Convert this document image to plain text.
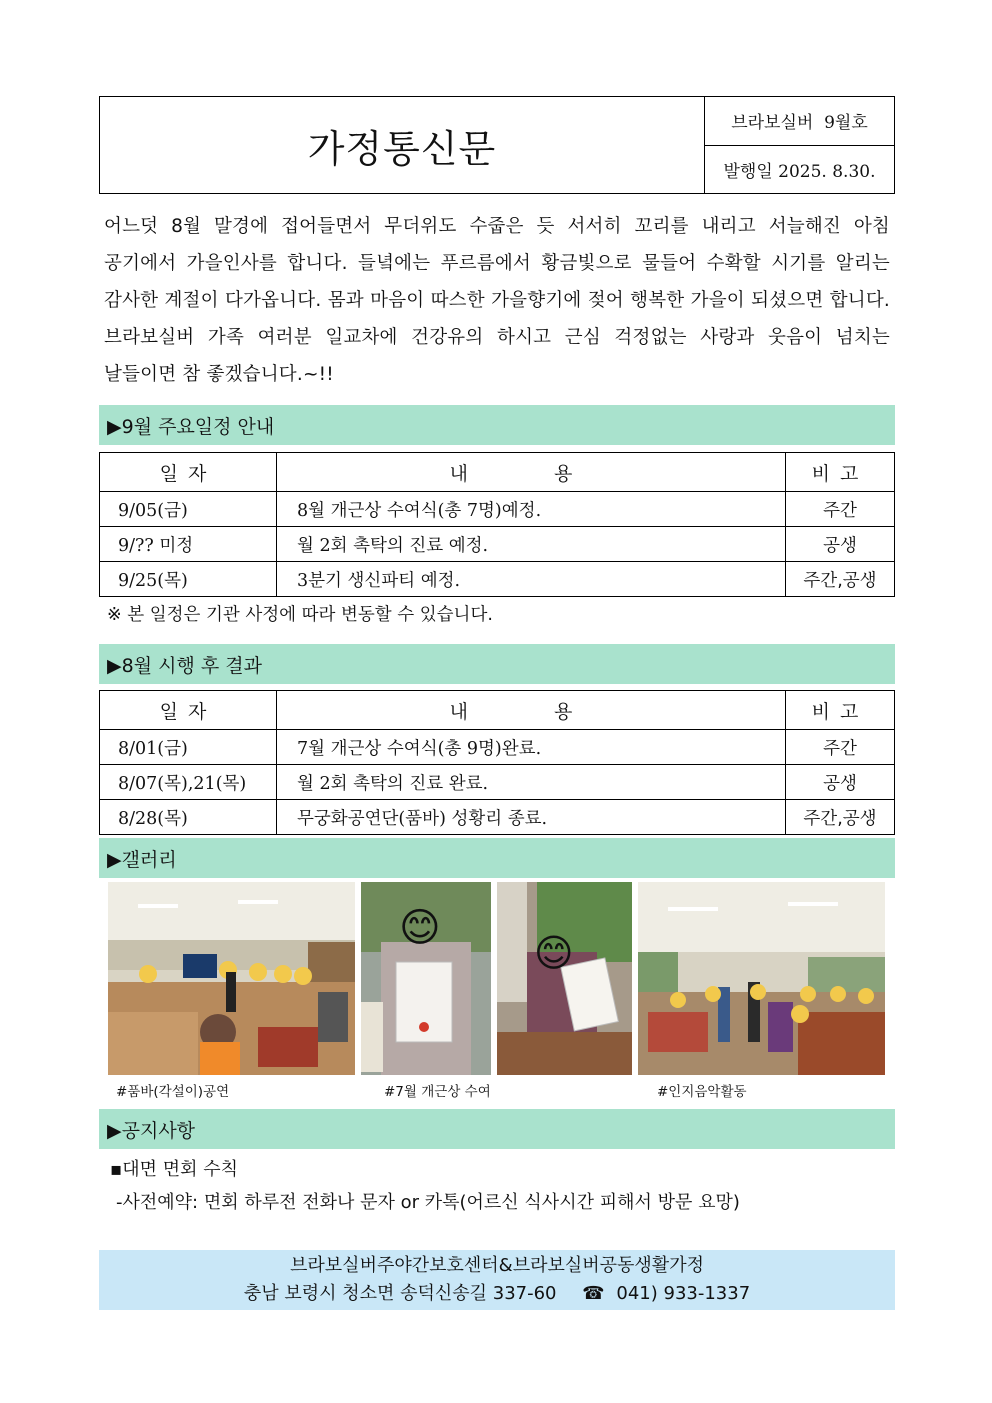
가정통신문
브라보실버  9월호
발행일 2025. 8.30.
어느덧 8월 말경에 접어들면서 무더위도 수줍은 듯 서서히 꼬리를 내리고 서늘해진 아침 공기에서 가을인사를 합니다. 들녘에는 푸르름에서 황금빛으로 물들어 수확할 시기를 알리는 감사한 계절이 다가옵니다. 몸과 마음이 따스한 가을향기에 젖어 행복한 가을이 되셨으면 합니다. 브라보실버 가족 여러분 일교차에 건강유의 하시고 근심 걱정없는 사랑과 웃음이 넘치는 날들이면 참 좋겠습니다.~!!
▶9월 주요일정 안내
일자	내 용	비고
9/05(금)	8월 개근상 수여식(총 7명)예정.	주간
9/?? 미정	월 2회 촉탁의 진료 예정.	공생
9/25(목)	3분기 생신파티 예정.	주간,공생
※ 본 일정은 기관 사정에 따라 변동할 수 있습니다.
▶8월 시행 후 결과
일자	내 용	비고
8/01(금)	7월 개근상 수여식(총 9명)완료.	주간
8/07(목),21(목)	월 2회 촉탁의 진료 완료.	공생
8/28(목)	무궁화공연단(품바) 성황리 종료.	주간,공생
▶갤러리
😊
😊
#품바(각설이)공연	#7월 개근상 수여	#인지음악활동
▶공지사항
▪대면 면회 수칙
-사전예약: 면회 하루전 전화나 문자 or 카톡(어르신 식사시간 피해서 방문 요망)
브라보실버주야간보호센터&브라보실버공동생활가정
충남 보령시 청소면 송덕신송길 337-60 ☎ 041) 933-1337
